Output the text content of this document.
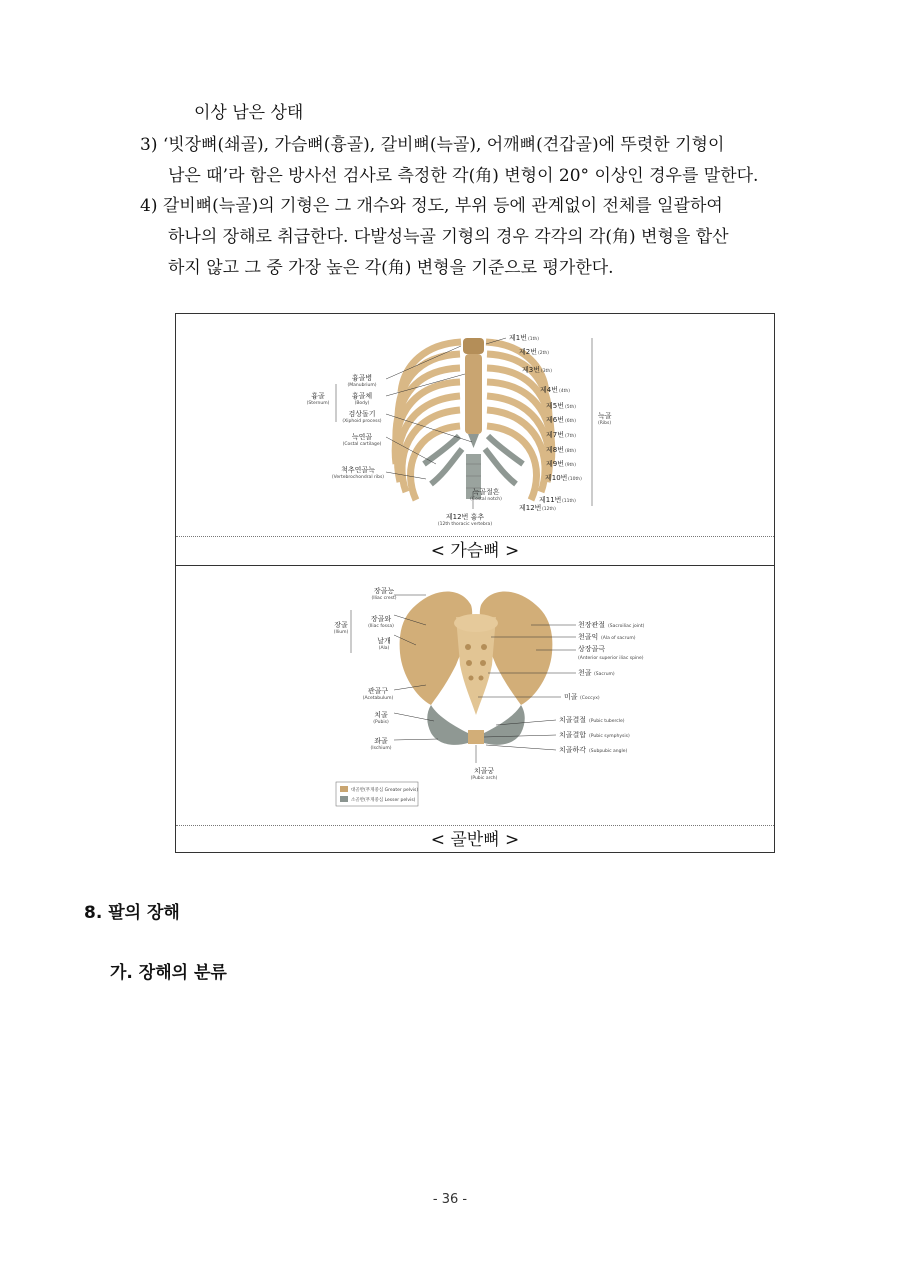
이상 남은 상태
3) ‘빗장뼈(쇄골), 가슴뼈(흉골), 갈비뼈(늑골), 어깨뼈(견갑골)에 뚜렷한 기형이
남은 때’라 함은 방사선 검사로 측정한 각(角) 변형이 20° 이상인 경우를 말한다.
4) 갈비뼈(늑골)의 기형은 그 개수와 정도, 부위 등에 관계없이 전체를 일괄하여
하나의 장해로 취급한다. 다발성늑골 기형의 경우 각각의 각(角) 변형을 합산
하지 않고 그 중 가장 높은 각(角) 변형을 기준으로 평가한다.
흉골병
(Manubrium)
흉골
(Sternum)
흉골체
(Body)
검상돌기
(Xiphoid process)
늑연골
(Costal cartilage)
척추연골늑
(Vertebrochondral ribs)
제1번 (1th)
제2번 (2th)
제3번 (3th)
제4번 (4th)
제5번 (5th)
제6번 (6th)
제7번 (7th)
제8번 (8th)
제9번 (9th)
제10번 (10th)
제11번 (11th)
제12번 (12th)
늑골
(Ribs)
늑골절흔
(Costal notch)
제12번 흉추
(12th thoracic vertebra)
< 가슴뼈 >
장골능
(Iliac crest)
장골
(Ilium)
장골와
(Iliac fossa)
날개
(Ala)
관골구
(Acetabulum)
치골
(Pubis)
좌골
(Ischium)
천장관절 (Sacroiliac joint)
천골익 (Ala of sacrum)
상장골극
(Anterior superior iliac spine)
천골 (Sacrum)
미골 (Coccyx)
치골결절 (Pubic tubercle)
치골결합 (Pubic symphysis)
치골하각 (Subpubic angle)
치골궁
(Pubic arch)
대골반(무게중심 Greater pelvis)
소골반(무게중심 Lesser pelvis)
< 골반뼈 >
8. 팔의 장해
가. 장해의 분류
- 36 -
